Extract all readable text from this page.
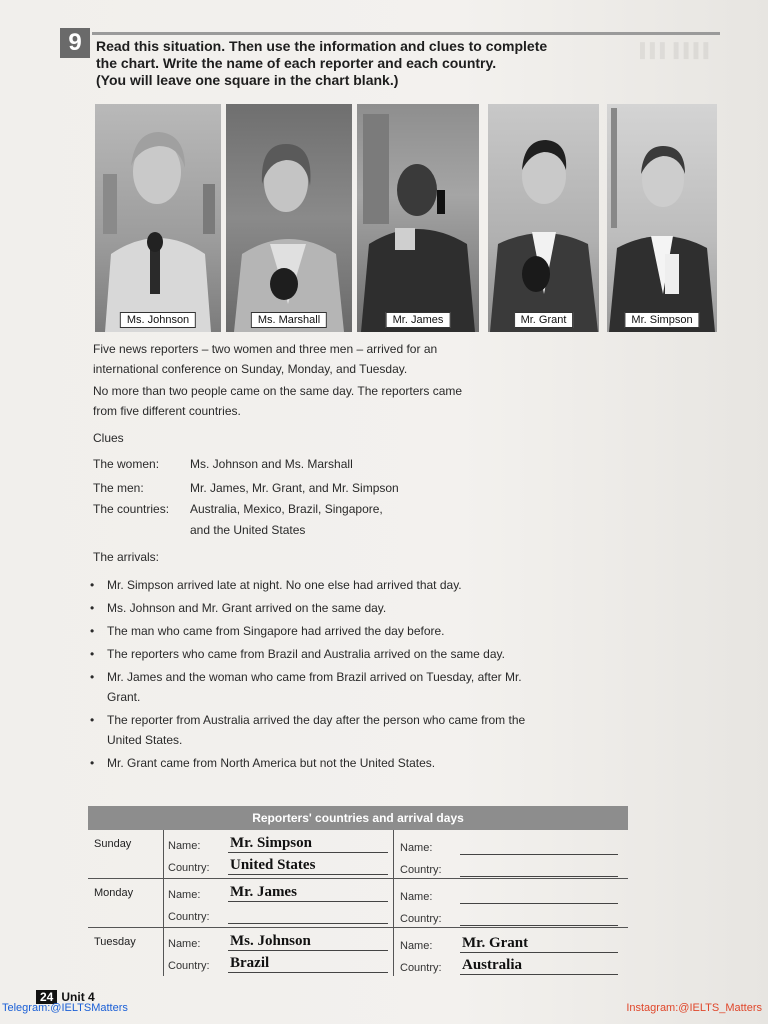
▌▌▌ ▌▌▌▌
9	Read this situation. Then use the information and clues to complete
the chart. Write the name of each reporter and each country.
(You will leave one square in the chart blank.)
Ms. Johnson	Ms. Marshall	Mr. James	Mr. Grant	Mr. Simpson
Five news reporters – two women and three men – arrived for an
international conference on Sunday, Monday, and Tuesday.
No more than two people came on the same day. The reporters came
from five different countries.
Clues
The women:	Ms. Johnson and Ms. Marshall
The men:	Mr. James, Mr. Grant, and Mr. Simpson
The countries: Australia, Mexico, Brazil, Singapore,
and the United States
The arrivals:
• Mr. Simpson arrived late at night. No one else had arrived that day.
• Ms. Johnson and Mr. Grant arrived on the same day.
• The man who came from Singapore had arrived the day before.
• The reporters who came from Brazil and Australia arrived on the same day.
• Mr. James and the woman who came from Brazil arrived on Tuesday, after Mr. Grant.
• The reporter from Australia arrived the day after the person who came from the United States.
• Mr. Grant came from North America but not the United States.
Reporters' countries and arrival days
Sunday	Name: Mr. Simpson
Country: United States
Name:
Country:
Monday	Name: Mr. James
Country:
Name:
Country:
Tuesday	Name: Ms. Johnson
Country: Brazil
Name: Mr. Grant
Country: Australia
24 Unit 4
Telegram:@IELTSMatters	Instagram:@IELTS_Matters
